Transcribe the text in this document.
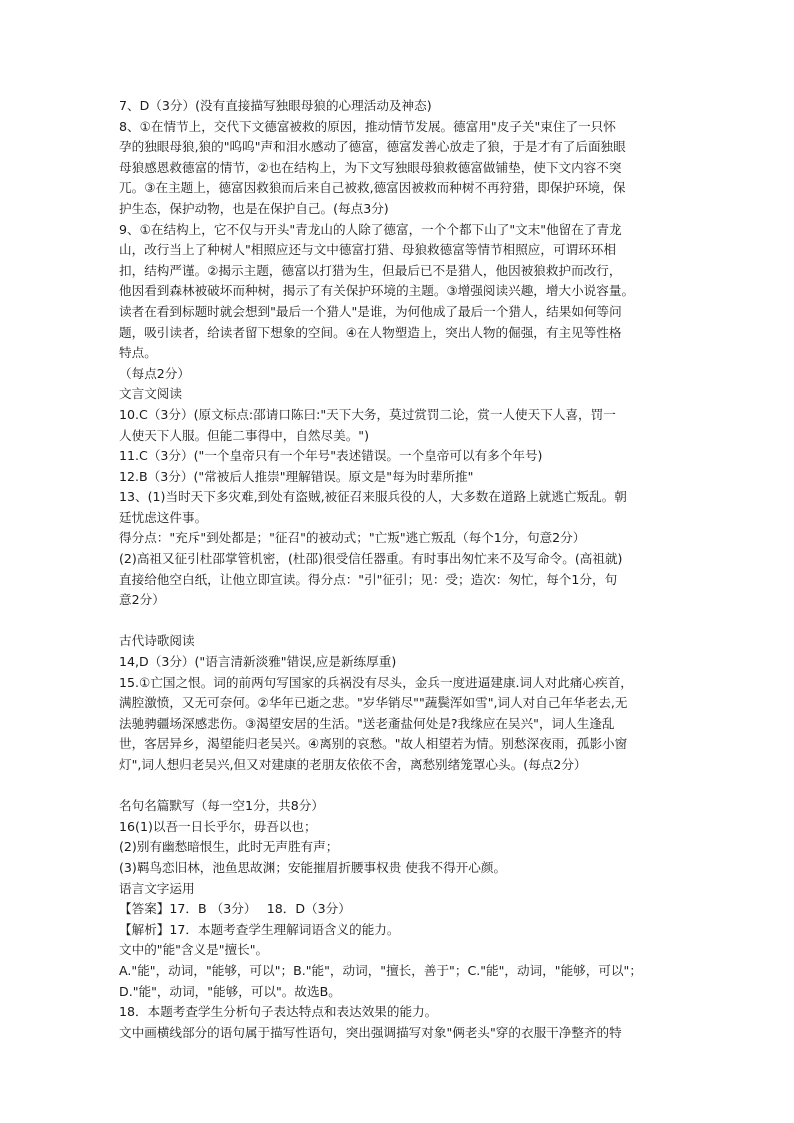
7、D（3分）(没有直接描写独眼母狼的心理活动及神态)
8、①在情节上，交代下文德富被救的原因，推动情节发展。德富用"皮子关"束住了一只怀
孕的独眼母狼,狼的"呜呜"声和泪水感动了德富，德富发善心放走了狼，于是才有了后面独眼
母狼感恩救德富的情节，②也在结构上，为下文写独眼母狼救德富做铺垫，使下文内容不突
兀。③在主题上，德富因救狼而后来自己被救,德富因被救而种树不再狩猎，即保护环境，保
护生态，保护动物，也是在保护自己。(每点3分)
9、①在结构上，它不仅与开头"青龙山的人除了德富，一个个都下山了"文末"他留在了青龙
山，改行当上了种树人"相照应还与文中德富打猎、母狼救德富等情节相照应，可谓环环相
扣，结构严谨。②揭示主题，德富以打猎为生，但最后已不是猎人，他因被狼救护而改行，
他因看到森林被破坏而种树，揭示了有关保护环境的主题。③增强阅读兴趣，增大小说容量。
读者在看到标题时就会想到"最后一个猎人"是谁，为何他成了最后一个猎人，结果如何等问
题，吸引读者，给读者留下想象的空间。④在人物塑造上，突出人物的倔强，有主见等性格
特点。
（每点2分）
文言文阅读
10.C（3分）(原文标点:邵请口陈曰:"天下大务，莫过赏罚二论，赏一人使天下人喜，罚一
人使天下人服。但能二事得中，自然尽美。")
11.C（3分）("一个皇帝只有一个年号"表述错误。一个皇帝可以有多个年号)
12.B（3分）("常被后人推崇"理解错误。原文是"每为时辈所推"
13、(1)当时天下多灾难,到处有盗贼,被征召来服兵役的人，大多数在道路上就逃亡叛乱。朝
廷忧虑这件事。
得分点："充斥"到处都是；"征召"的被动式；"亡叛"逃亡叛乱（每个1分，句意2分）
(2)高祖又征引杜邵掌管机密，(杜邵)很受信任器重。有时事出匆忙来不及写命令。(高祖就)
直接给他空白纸，让他立即宣读。得分点："引"征引；见：受；造次：匆忙，每个1分，句
意2分）
古代诗歌阅读
14,D（3分）("语言清新淡雅"错误,应是新练厚重)
15.①亡国之恨。词的前两句写国家的兵祸没有尽头，金兵一度进逼建康.词人对此痛心疾首，
满腔激愤，又无可奈何。②华年已逝之悲。"岁华销尽""蔬鬓浑如雪",词人对自己年华老去,无
法驰骋疆场深感悲伤。③渴望安居的生活。"送老齑盐何处是?我缘应在吴兴"，词人生逢乱
世，客居异乡，渴望能归老吴兴。④离别的哀愁。"故人相望若为情。别愁深夜雨，孤影小窗
灯",词人想归老吴兴,但又对建康的老朋友依依不舍，离愁别绪笼罩心头。(每点2分）
名句名篇默写（每一空1分，共8分）
16(1)以吾一日长乎尔，毋吾以也；
(2)别有幽愁暗恨生，此时无声胜有声；
(3)羁鸟恋旧林，池鱼思故渊；安能摧眉折腰事权贵 使我不得开心颜。
语言文字运用
【答案】17．B （3分）　 18．D（3分）
【解析】17．本题考查学生理解词语含义的能力。
文中的"能"含义是"擅长"。
A."能"，动词，"能够，可以"；B."能"，动词，"擅长，善于"；C."能"，动词，"能够，可以"；
D."能"，动词，"能够，可以"。故选B。
18．本题考查学生分析句子表达特点和表达效果的能力。
文中画横线部分的语句属于描写性语句，突出强调描写对象"俩老头"穿的衣服干净整齐的特
